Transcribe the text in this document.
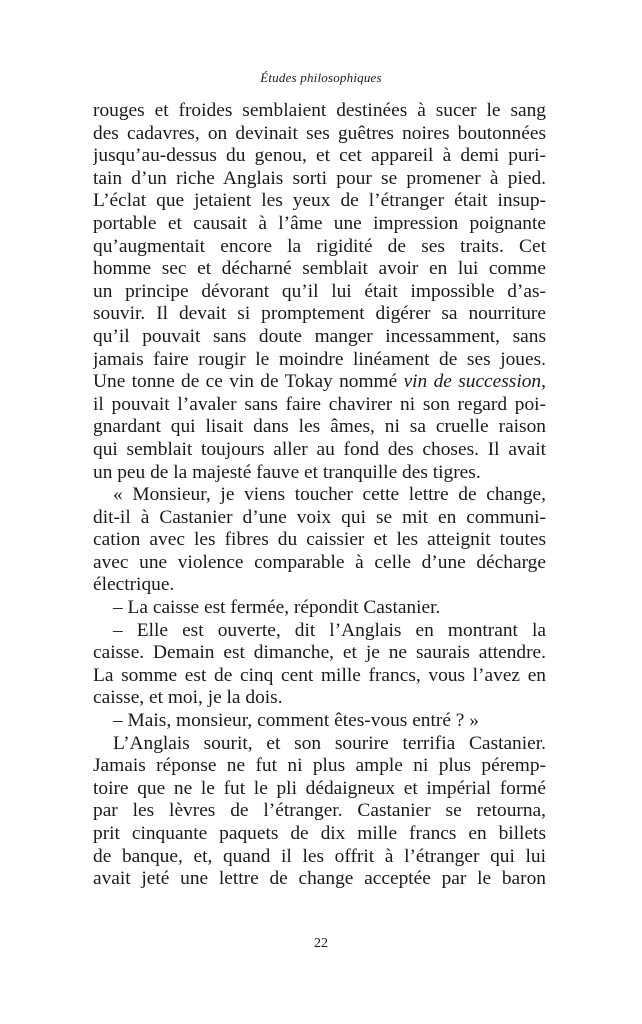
Études philosophiques
rouges et froides semblaient destinées à sucer le sang
des cadavres, on devinait ses guêtres noires boutonnées
jusqu’au-dessus du genou, et cet appareil à demi puri-
tain d’un riche Anglais sorti pour se promener à pied.
L’éclat que jetaient les yeux de l’étranger était insup-
portable et causait à l’âme une impression poignante
qu’augmentait encore la rigidité de ses traits. Cet
homme sec et décharné semblait avoir en lui comme
un principe dévorant qu’il lui était impossible d’as-
souvir. Il devait si promptement digérer sa nourriture
qu’il pouvait sans doute manger incessamment, sans
jamais faire rougir le moindre linéament de ses joues.
Une tonne de ce vin de Tokay nommé vin de succession,
il pouvait l’avaler sans faire chavirer ni son regard poi-
gnardant qui lisait dans les âmes, ni sa cruelle raison
qui semblait toujours aller au fond des choses. Il avait
un peu de la majesté fauve et tranquille des tigres.
« Monsieur, je viens toucher cette lettre de change,
dit-il à Castanier d’une voix qui se mit en communi-
cation avec les fibres du caissier et les atteignit toutes
avec une violence comparable à celle d’une décharge
électrique.
– La caisse est fermée, répondit Castanier.
– Elle est ouverte, dit l’Anglais en montrant la
caisse. Demain est dimanche, et je ne saurais attendre.
La somme est de cinq cent mille francs, vous l’avez en
caisse, et moi, je la dois.
– Mais, monsieur, comment êtes-vous entré ? »
L’Anglais sourit, et son sourire terrifia Castanier.
Jamais réponse ne fut ni plus ample ni plus péremp-
toire que ne le fut le pli dédaigneux et impérial formé
par les lèvres de l’étranger. Castanier se retourna,
prit cinquante paquets de dix mille francs en billets
de banque, et, quand il les offrit à l’étranger qui lui
avait jeté une lettre de change acceptée par le baron
22
